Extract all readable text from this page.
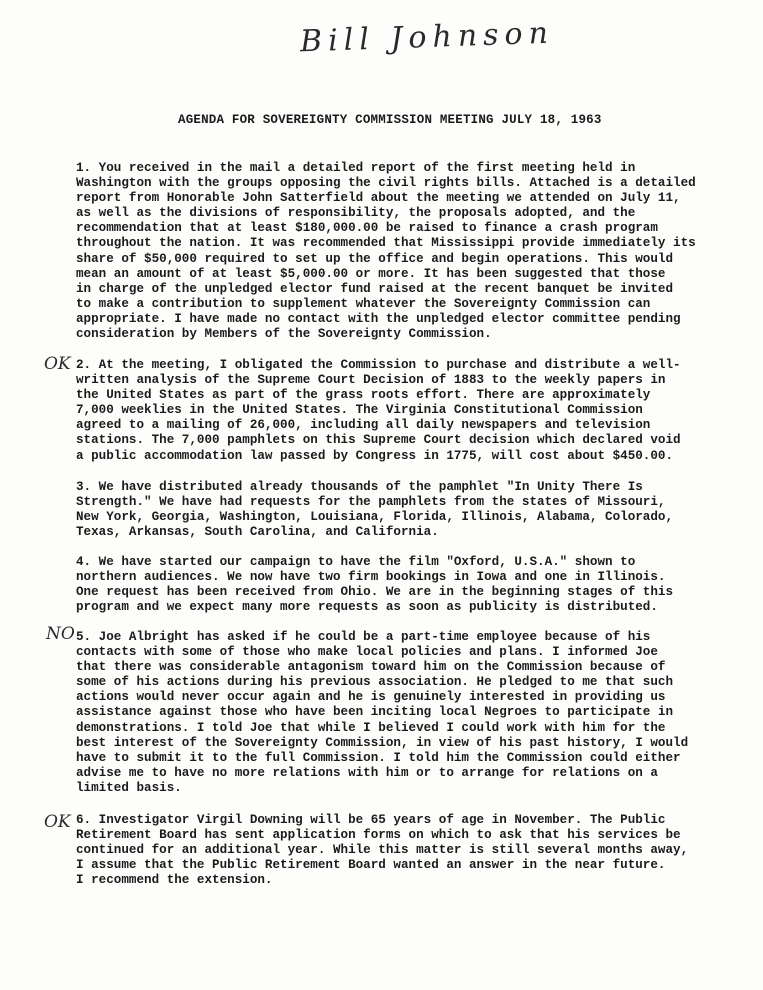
Bill Johnson
AGENDA FOR SOVEREIGNTY COMMISSION MEETING JULY 18, 1963
1. You received in the mail a detailed report of the first meeting held in
Washington with the groups opposing the civil rights bills. Attached is a detailed
report from Honorable John Satterfield about the meeting we attended on July 11,
as well as the divisions of responsibility, the proposals adopted, and the
recommendation that at least $180,000.00 be raised to finance a crash program
throughout the nation. It was recommended that Mississippi provide immediately its
share of $50,000 required to set up the office and begin operations. This would
mean an amount of at least $5,000.00 or more. It has been suggested that those
in charge of the unpledged elector fund raised at the recent banquet be invited
to make a contribution to supplement whatever the Sovereignty Commission can
appropriate. I have made no contact with the unpledged elector committee pending
consideration by Members of the Sovereignty Commission.
OK 2. At the meeting, I obligated the Commission to purchase and distribute a well-
written analysis of the Supreme Court Decision of 1883 to the weekly papers in
the United States as part of the grass roots effort. There are approximately
7,000 weeklies in the United States. The Virginia Constitutional Commission
agreed to a mailing of 26,000, including all daily newspapers and television
stations. The 7,000 pamphlets on this Supreme Court decision which declared void
a public accommodation law passed by Congress in 1775, will cost about $450.00.
3. We have distributed already thousands of the pamphlet "In Unity There Is
Strength." We have had requests for the pamphlets from the states of Missouri,
New York, Georgia, Washington, Louisiana, Florida, Illinois, Alabama, Colorado,
Texas, Arkansas, South Carolina, and California.
4. We have started our campaign to have the film "Oxford, U.S.A." shown to
northern audiences. We now have two firm bookings in Iowa and one in Illinois.
One request has been received from Ohio. We are in the beginning stages of this
program and we expect many more requests as soon as publicity is distributed.
NO 5. Joe Albright has asked if he could be a part-time employee because of his
contacts with some of those who make local policies and plans. I informed Joe
that there was considerable antagonism toward him on the Commission because of
some of his actions during his previous association. He pledged to me that such
actions would never occur again and he is genuinely interested in providing us
assistance against those who have been inciting local Negroes to participate in
demonstrations. I told Joe that while I believed I could work with him for the
best interest of the Sovereignty Commission, in view of his past history, I would
have to submit it to the full Commission. I told him the Commission could either
advise me to have no more relations with him or to arrange for relations on a
limited basis.
OK 6. Investigator Virgil Downing will be 65 years of age in November. The Public
Retirement Board has sent application forms on which to ask that his services be
continued for an additional year. While this matter is still several months away,
I assume that the Public Retirement Board wanted an answer in the near future.
I recommend the extension.
